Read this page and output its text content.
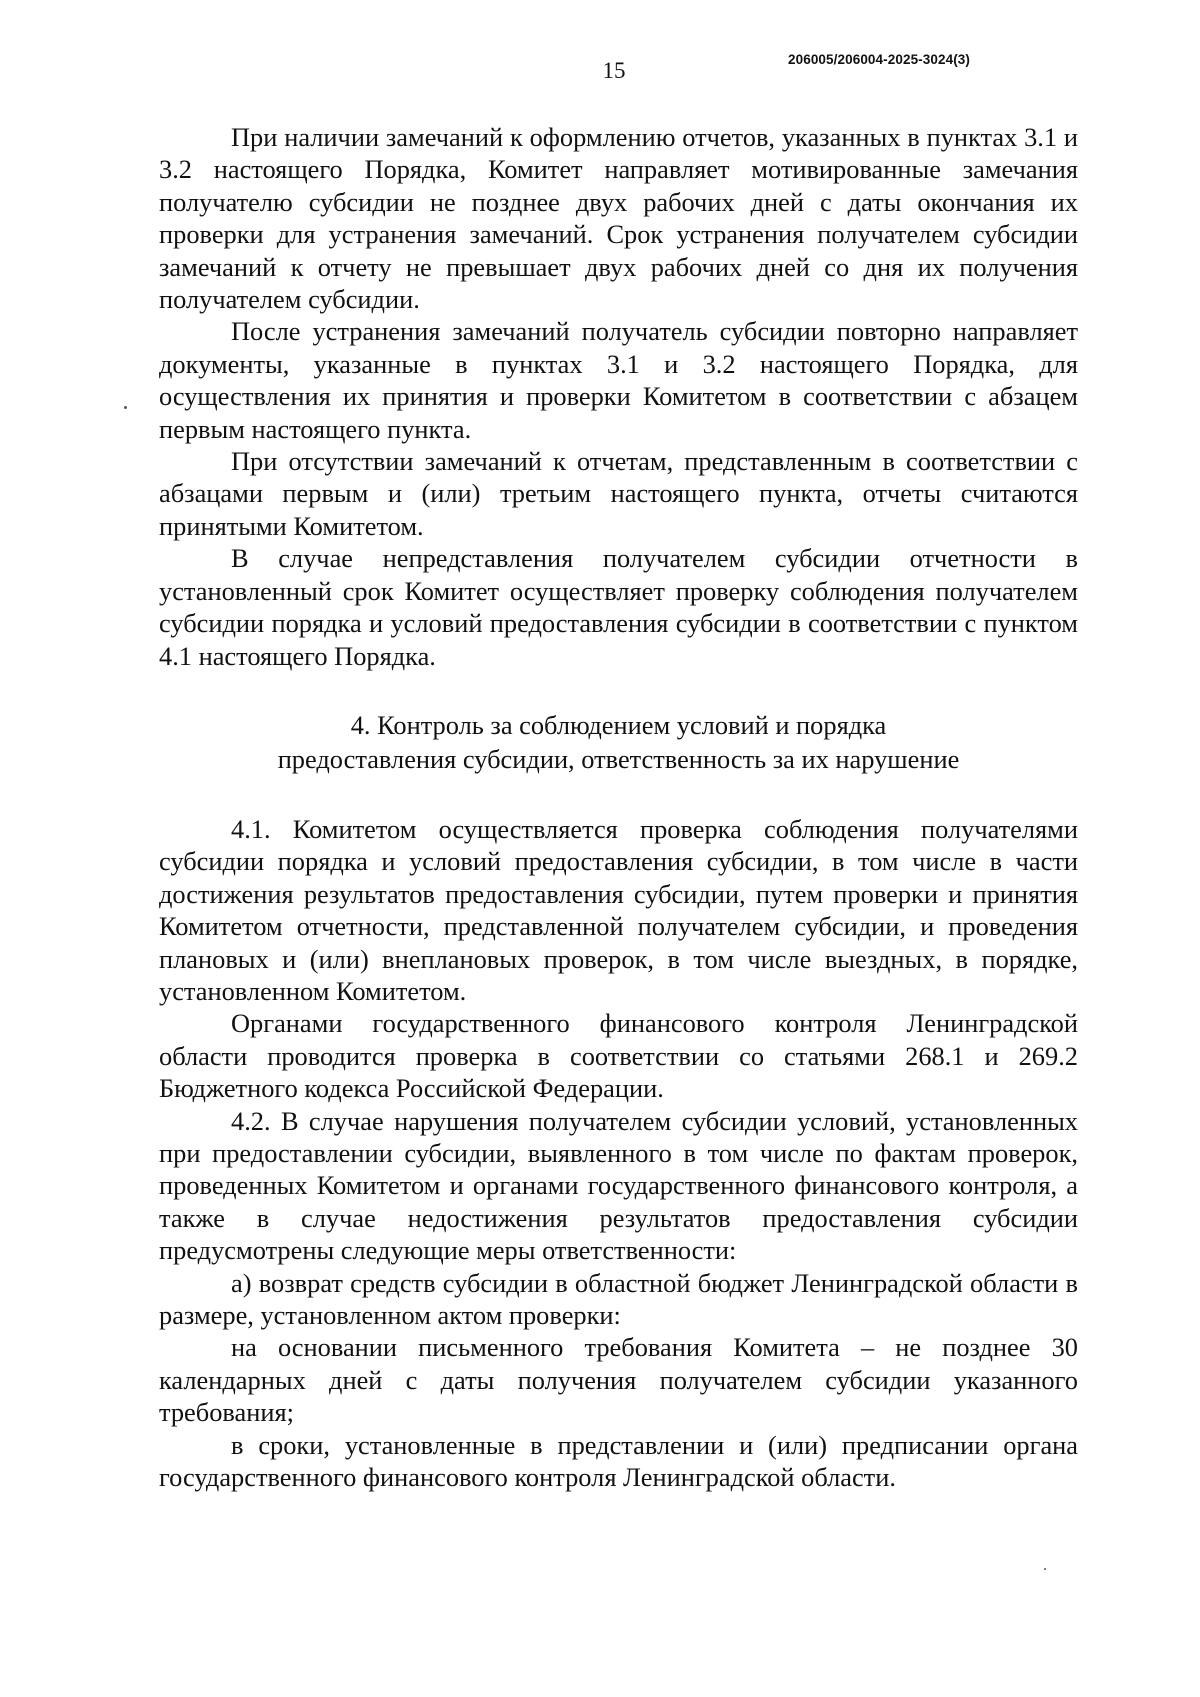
15	206005/206004-2025-3024(3)

При наличии замечаний к оформлению отчетов, указанных в пунктах 3.1 и 3.2 настоящего Порядка, Комитет направляет мотивированные замечания получателю субсидии не позднее двух рабочих дней с даты окончания их проверки для устранения замечаний. Срок устранения получателем субсидии замечаний к отчету не превышает двух рабочих дней со дня их получения получателем субсидии.

После устранения замечаний получатель субсидии повторно направляет документы, указанные в пунктах 3.1 и 3.2 настоящего Порядка, для осуществления их принятия и проверки Комитетом в соответствии с абзацем первым настоящего пункта.

При отсутствии замечаний к отчетам, представленным в соответствии с абзацами первым и (или) третьим настоящего пункта, отчеты считаются принятыми Комитетом.

В случае непредставления получателем субсидии отчетности в установленный срок Комитет осуществляет проверку соблюдения получателем субсидии порядка и условий предоставления субсидии в соответствии с пунктом 4.1 настоящего Порядка.

4. Контроль за соблюдением условий и порядка
предоставления субсидии, ответственность за их нарушение

4.1. Комитетом осуществляется проверка соблюдения получателями субсидии порядка и условий предоставления субсидии, в том числе в части достижения результатов предоставления субсидии, путем проверки и принятия Комитетом отчетности, представленной получателем субсидии, и проведения плановых и (или) внеплановых проверок, в том числе выездных, в порядке, установленном Комитетом.

Органами государственного финансового контроля Ленинградской области проводится проверка в соответствии со статьями 268.1 и 269.2 Бюджетного кодекса Российской Федерации.

4.2. В случае нарушения получателем субсидии условий, установленных при предоставлении субсидии, выявленного в том числе по фактам проверок, проведенных Комитетом и органами государственного финансового контроля, а также в случае недостижения результатов предоставления субсидии предусмотрены следующие меры ответственности:

а) возврат средств субсидии в областной бюджет Ленинградской области в размере, установленном актом проверки:

на основании письменного требования Комитета – не позднее 30 календарных дней с даты получения получателем субсидии указанного требования;

в сроки, установленные в представлении и (или) предписании органа государственного финансового контроля Ленинградской области.
